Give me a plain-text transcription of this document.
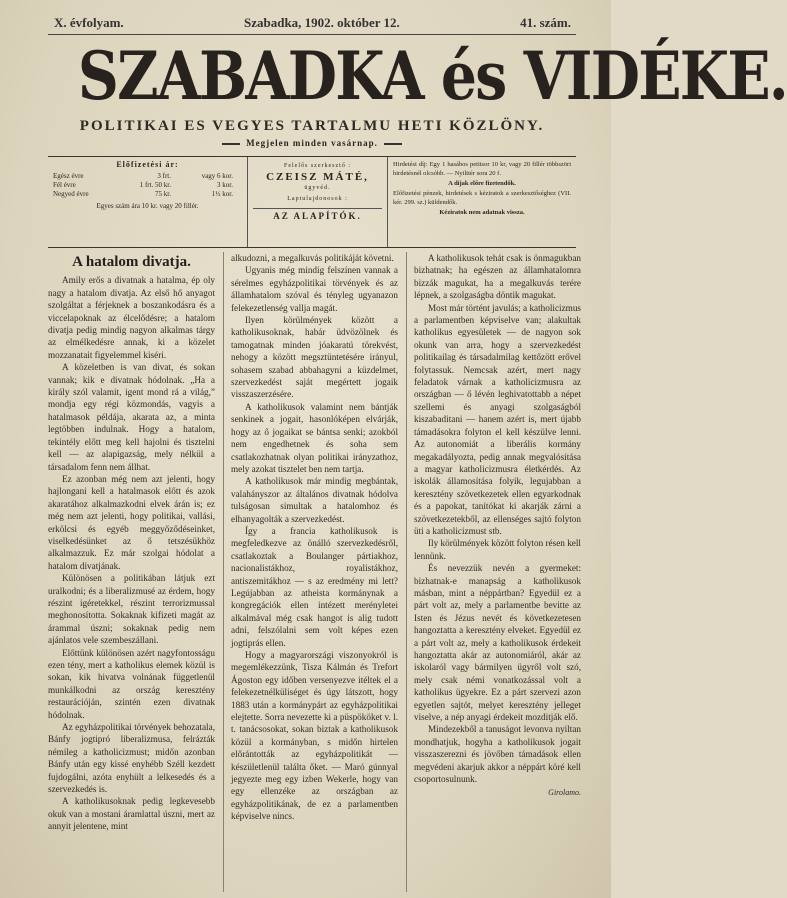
X. évfolyam.	Szabadka, 1902. október 12.	41. szám.
SZABADKA és VIDÉKE.
POLITIKAI ES VEGYES TARTALMU HETI KÖZLÖNY.
Megjelen minden vasárnap.
Előfizetési ár:
Egész évre	3 frt.	vagy 6 kor.
Fél évre	1 frt. 50 kr.	3 kor.
Negyed évre	75 kr.	1½ kor.
Egyes szám ára 10 kr. vagy 20 fillér.
Felelős szerkesztő :
CZEISZ MÁTÉ,
ügyvéd.
Laptulajdonosok :
AZ ALAPÍTÓK.

Hirdetési díj: Egy 1 hasábos petitsor 10 kr, vagy 20 fillér többszöri hirdetésnél olcsóbb. — Nyilttér sora 20 f.

A díjak előre fizetendők.

Előfizetési pénzek, hirdetések s kéziratok a szerkesztőséghez (VII. kér. 299. sz.) küldendők.

Kéziratok nem adatnak vissza.

A hatalom divatja.

Amily erős a divatnak a hatalma, ép oly nagy a hatalom divatja. Az első hő anyagot szolgáltat a férjeknek a boszankodásra és a viccelapoknak az élcelődésre; a hatalom divatja pedig mindig nagyon alkalmas tárgy az elmélkedésre annak, ki a közelet mozzanatait figyelemmel kiséri.

A közeletben is van divat, és sokan vannak; kik e divatnak hódolnak. „Ha a király szól valamit, igent mond rá a világ,” mondja egy régi közmondás, vagyis a hatalmasok példája, akarata az, a minta legtöbben indulnak. Hogy a hatalom, tekintély előtt meg kell hajolni és tisztelni kell — az alapigazság, mely nélkül a társadalom fenn nem állhat.

Ez azonban még nem azt jelenti, hogy hajlongani kell a hatalmasok előtt és azok akaratához alkalmazkodni elvek árán is; ez még nem azt jelenti, hogy politikai, vallási, erkölcsi és egyéb meggyőződéseinket, viselkedésünket az ő tetszésükhöz alkalmazzuk. Ez már szolgai hódolat a hatalom divatjának.

Különösen a politikában látjuk ezt uralkodni; és a liberalizmusé az érdem, hogy részint igéretekkel, részint terrorizmussal meghonosította. Sokaknak kifizeti magát az árammal úszni; sokaknak pedig nem ajánlatos vele szembeszállani.

Előttünk különösen azért nagyfontosságu ezen tény, mert a katholikus elemek közül is sokan, kik hivatva volnának függetlenül munkálkodni az ország keresztény restaurációján, szintén ezen divatnak hódolnak.

Az egyházpolitikai törvények behozatala, Bánfy jogtipró liberalizmusa, felrázták némileg a katholicizmust; midőn azonban Bánfy után egy kissé enyhébb Széll kezdett fujdogálni, azóta enyhült a lelkesedés és a szervezkedés is.

A katholikusoknak pedig legkevesebb okuk van a mostani áramlattal úszni, mert az annyit jelentene, mint

alkudozni, a megalkuvás politikáját követni.

Ugyanis még mindig felszínen vannak a sérelmes egyházpolitikai törvények és az államhatalom szóval és tényleg ugyanazon felekezetlenség vallja magát.

Ilyen körülmények között a katholikusoknak, habár üdvözölnek és tamogatnak minden jóakaratú törekvést, nehogy a között megsztüntetésére irányul, sohasem szabad abbahagyni a küzdelmet, szervezkedést saját megértett jogaik visszaszerzésére.

A katholikusok valamint nem bántják senkinek a jogait, hasonlóképen elvárják, hogy az ő jogaikat se bántsa senki; azokból nem engedhetnek és soha sem csatlakozhatnak olyan politikai irányzathoz, mely azokat tisztelet ben nem tartja.

A katholikusok már mindig megbántak, valahányszor az általános divatnak hódolva tulságosan simultak a hatalomhoz és elhanyagolták a szervezkedést.

Így a francia katholikusok is megfeledkezve az önálló szervezkedésről, csatlakoztak a Boulanger pártiakhoz, nacionalistákhoz, royalistákhoz, antiszemitákhoz — s az eredmény mi lett? Legújabban az atheista kormánynak a kongregációk ellen intézett merényletei alkalmával még csak hangot is alig tudott adni, felszólalni sem volt képes ezen jogtiprás ellen.

Hogy a magyarországi viszonyokról is megemlékezzünk, Tisza Kálmán és Trefort Ágoston egy időben versenyezve itéltek el a felekezetnélküliséget és úgy látszott, hogy 1883 után a kormánypárt az egyházpolitikai elejtette. Sorra nevezette ki a püspököket v. l. t. tanácsosokat, sokan biztak a katholikusok közül a kormányban, s midőn hirtelen előrántották az egyházpolitikát — készületlenül találta őket. — Maró gúnnyal jegyezte meg egy izben Wekerle, hogy van egy ellenzéke az országban az egyházpolitikának, de ez a parlamentben képviselve nincs.

A katholikusok tehát csak is önmagukban bizhatnak; ha egészen az államhatalomra bizzák magukat, ha a megalkuvás terére lépnek, a szolgaságba döntik magukat.

Most már történt javulás; a katholicizmus a parlamentben képviselve van; alakultak katholikus egyesületek — de nagyon sok okunk van arra, hogy a szervezkedést politikailag és társadalmilag kettőzött erővel folytassuk. Nemcsak azért, mert nagy feladatok várnak a katholicizmusra az országban — ő lévén leghivatottabb a népet szellemi és anyagi szolgaságból kiszabaditani — hanem azért is, mert újabb támadásokra folyton el kell készülve lenni. Az autonomiát a liberális kormány megakadályozta, pedig annak megvalósítása a magyar katholicizmusra életkérdés. Az iskolák államosítása folyik, legujabban a keresztény szövetkezetek ellen egyarkodnak és a papokat, tanítókat ki akarják zárni a szövetkezetekből, az ellenséges sajtó folyton üti a katholicizmust stb.

Ily körülmények között folyton résen kell lennünk.

És nevezzük nevén a gyermeket: bizhatnak-e manapság a katholikusok másban, mint a néppártban? Egyedül ez a párt volt az, mely a parlamentbe bevitte az Isten és Jézus nevét és következetesen hangoztatta a keresztény elveket. Egyedül ez a párt volt az, mely a katholikusok érdekeit hangoztatta akár az autonomiáról, akár az iskolaról vagy bármilyen ügyről volt szó, mely csak némi vonatkozással volt a katholikus ügyekre. Ez a párt szervezi azon egyetlen sajtót, melyet keresztény jelleget viselve, a nép anyagi érdekeit mozditják elő.

Mindezekből a tanuságot levonva nyiltan mondhatjuk, hogyha a katholikusok jogait visszaszerezni és jövőben támadások ellen megvédeni akarjuk akkor a néppárt köré kell csoportosulnunk.

Girolamo.
